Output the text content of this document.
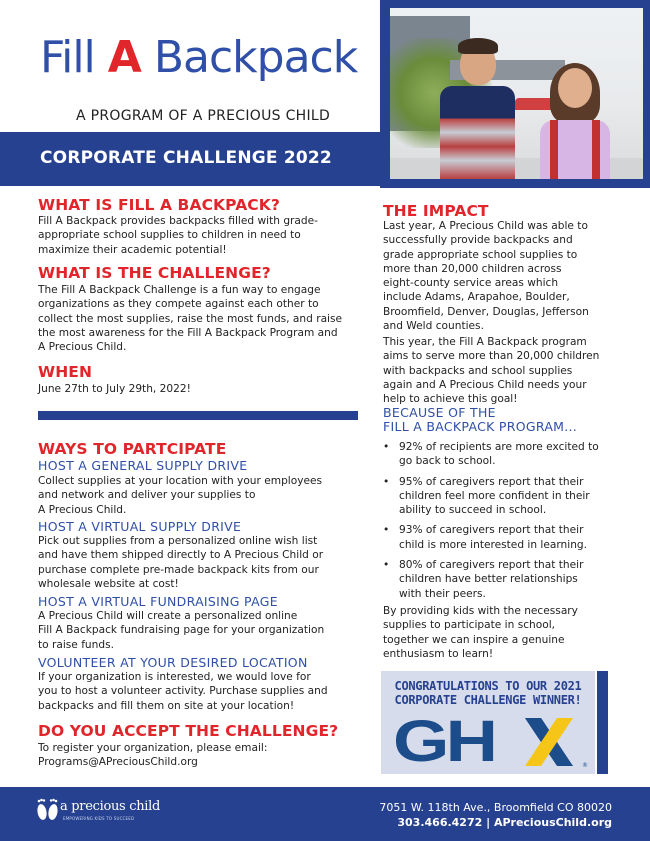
Fill A Backpack
A PROGRAM OF A PRECIOUS CHILD
CORPORATE CHALLENGE 2022
WHAT IS FILL A BACKPACK?
Fill A Backpack provides backpacks filled with grade-
appropriate school supplies to children in need to
maximize their academic potential!
WHAT IS THE CHALLENGE?
The Fill A Backpack Challenge is a fun way to engage
organizations as they compete against each other to
collect the most supplies, raise the most funds, and raise
the most awareness for the Fill A Backpack Program and
A Precious Child.
WHEN
June 27th to July 29th, 2022!
WAYS TO PARTCIPATE
HOST A GENERAL SUPPLY DRIVE
Collect supplies at your location with your employees
and network and deliver your supplies to
A Precious Child.
HOST A VIRTUAL SUPPLY DRIVE
Pick out supplies from a personalized online wish list
and have them shipped directly to A Precious Child or
purchase complete pre-made backpack kits from our
wholesale website at cost!
HOST A VIRTUAL FUNDRAISING PAGE
A Precious Child will create a personalized online
Fill A Backpack fundraising page for your organization
to raise funds.
VOLUNTEER AT YOUR DESIRED LOCATION
If your organization is interested, we would love for
you to host a volunteer activity. Purchase supplies and
backpacks and fill them on site at your location!
DO YOU ACCEPT THE CHALLENGE?
To register your organization, please email:
Programs@APreciousChild.org
THE IMPACT
Last year, A Precious Child was able to
successfully provide backpacks and
grade appropriate school supplies to
more than 20,000 children across
eight-county service areas which
include Adams, Arapahoe, Boulder,
Broomfield, Denver, Douglas, Jefferson
and Weld counties.
This year, the Fill A Backpack program
aims to serve more than 20,000 children
with backpacks and school supplies
again and A Precious Child needs your
help to achieve this goal!
BECAUSE OF THE
FILL A BACKPACK PROGRAM...
• 92% of recipients are more excited to
go back to school.
• 95% of caregivers report that their
children feel more confident in their
ability to succeed in school.
• 93% of caregivers report that their
child is more interested in learning.
• 80% of caregivers report that their
children have better relationships
with their peers.
By providing kids with the necessary
supplies to participate in school,
together we can inspire a genuine
enthusiasm to learn!
CONGRATULATIONS TO OUR 2021
CORPORATE CHALLENGE WINNER!
GH	®
a precious child
EMPOWERING KIDS TO SUCCEED
7051 W. 118th Ave., Broomfield CO 80020
303.466.4272 | APreciousChild.org
